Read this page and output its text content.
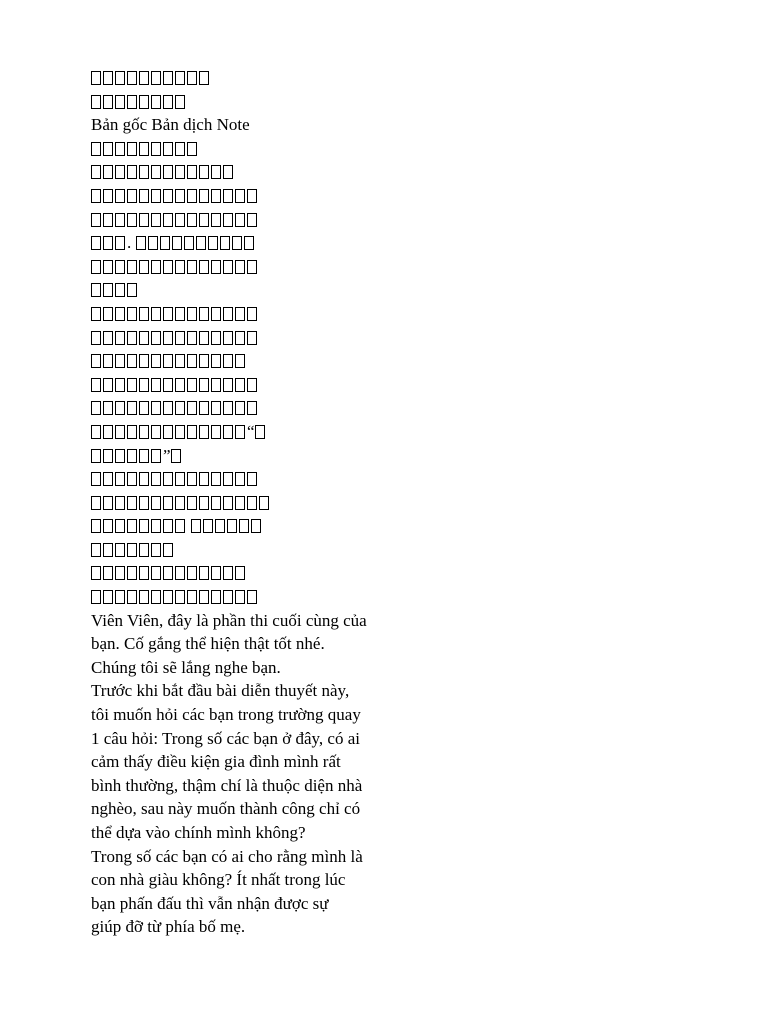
Bản gốc Bản dịch Note
.
“
”

Viên Viên, đây là phần thi cuối cùng của
bạn. Cố gắng thể hiện thật tốt nhé.
Chúng tôi sẽ lắng nghe bạn.
Trước khi bắt đầu bài diễn thuyết này,
tôi muốn hỏi các bạn trong trường quay
1 câu hỏi: Trong số các bạn ở đây, có ai
cảm thấy điều kiện gia đình mình rất
bình thường, thậm chí là thuộc diện nhà
nghèo, sau này muốn thành công chỉ có
thể dựa vào chính mình không?
Trong số các bạn có ai cho rằng mình là
con nhà giàu không? Ít nhất trong lúc
bạn phấn đấu thì vẫn nhận được sự
giúp đỡ từ phía bố mẹ.
